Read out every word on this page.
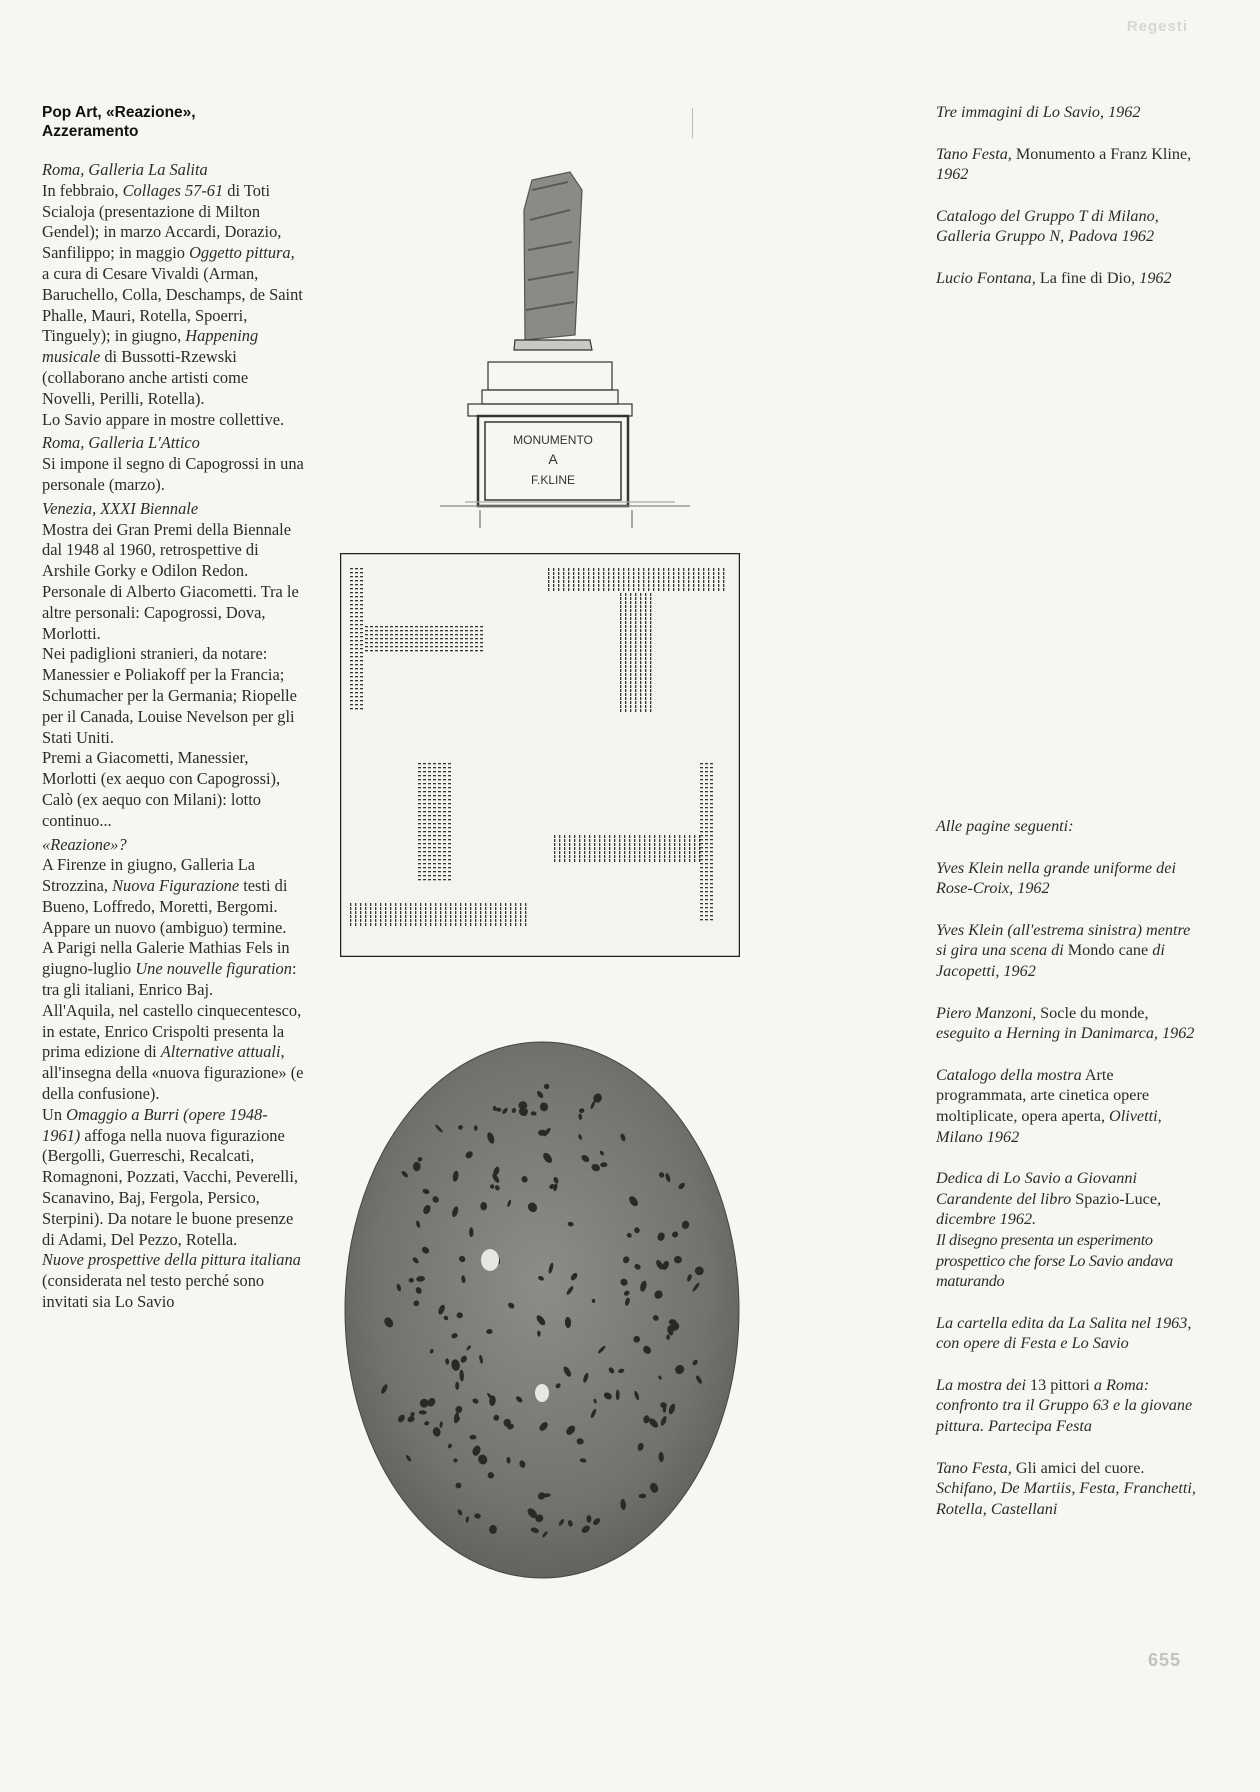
Regesti
Pop Art, «Reazione», Azzeramento

Roma, Galleria La Salita
In febbraio, Collages 57-61 di Toti Scialoja (presentazione di Milton Gendel); in marzo Accardi, Dorazio, Sanfilippo; in maggio Oggetto pittura, a cura di Cesare Vivaldi (Arman, Baruchello, Colla, Deschamps, de Saint Phalle, Mauri, Rotella, Spoerri, Tinguely); in giugno, Happening musicale di Bussotti-Rzewski (collaborano anche artisti come Novelli, Perilli, Rotella).
Lo Savio appare in mostre collettive.

Roma, Galleria L'Attico
Si impone il segno di Capogrossi in una personale (marzo).

Venezia, XXXI Biennale
Mostra dei Gran Premi della Biennale dal 1948 al 1960, retrospettive di Arshile Gorky e Odilon Redon. Personale di Alberto Giacometti. Tra le altre personali: Capogrossi, Dova, Morlotti.
Nei padiglioni stranieri, da notare: Manessier e Poliakoff per la Francia; Schumacher per la Germania; Riopelle per il Canada, Louise Nevelson per gli Stati Uniti.
Premi a Giacometti, Manessier, Morlotti (ex aequo con Capogrossi), Calò (ex aequo con Milani): lotto continuo...

«Reazione»?
A Firenze in giugno, Galleria La Strozzina, Nuova Figurazione testi di Bueno, Loffredo, Moretti, Bergomi. Appare un nuovo (ambiguo) termine.
A Parigi nella Galerie Mathias Fels in giugno-luglio Une nouvelle figuration: tra gli italiani, Enrico Baj.
All'Aquila, nel castello cinquecentesco, in estate, Enrico Crispolti presenta la prima edizione di Alternative attuali, all'insegna della «nuova figurazione» (e della confusione).
Un Omaggio a Burri (opere 1948-1961) affoga nella nuova figurazione (Bergolli, Guerreschi, Recalcati, Romagnoni, Pozzati, Vacchi, Peverelli, Scanavino, Baj, Fergola, Persico, Sterpini). Da notare le buone presenze di Adami, Del Pezzo, Rotella.
Nuove prospettive della pittura italiana (considerata nel testo perché sono invitati sia Lo Savio

MONUMENTO
A
F.KLINE
Tre immagini di Lo Savio, 1962
Tano Festa, Monumento a Franz Kline, 1962
Catalogo del Gruppo T di Milano, Galleria Gruppo N, Padova 1962
Lucio Fontana, La fine di Dio, 1962
Alle pagine seguenti:
Yves Klein nella grande uniforme dei Rose-Croix, 1962
Yves Klein (all'estrema sinistra) mentre si gira una scena di Mondo cane di Jacopetti, 1962
Piero Manzoni, Socle du monde, eseguito a Herning in Danimarca, 1962
Catalogo della mostra Arte programmata, arte cinetica opere moltiplicate, opera aperta, Olivetti, Milano 1962
Dedica di Lo Savio a Giovanni Carandente del libro Spazio-Luce, dicembre 1962.
Il disegno presenta un esperimento prospettico che forse Lo Savio andava maturando
La cartella edita da La Salita nel 1963, con opere di Festa e Lo Savio
La mostra dei 13 pittori a Roma: confronto tra il Gruppo 63 e la giovane pittura. Partecipa Festa
Tano Festa, Gli amici del cuore. Schifano, De Martiis, Festa, Franchetti, Rotella, Castellani
655
